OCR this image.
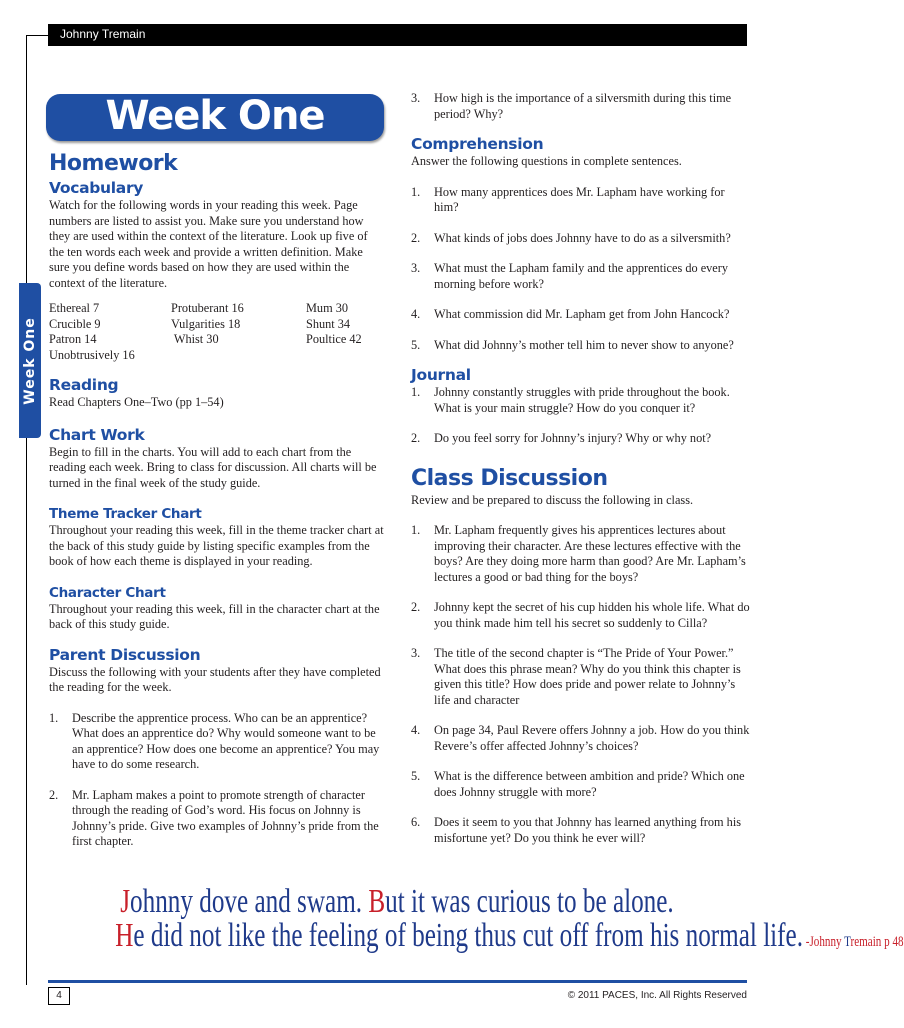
Johnny Tremain
Week One
Week One
Homework
Vocabulary

Watch for the following words in your reading this week. Page numbers are listed to assist you. Make sure you understand how they are used within the context of the literature. Look up five of the ten words each week and provide a written definition. Make sure you define words based on how they are used within the context of the literature.

Ethereal 7
Crucible 9
Patron 14
Unobtrusively 16
Protuberant 16
Vulgarities 18
Whist 30
Mum 30
Shunt 34
Poultice 42
Reading

Read Chapters One–Two (pp 1–54)

Chart Work

Begin to fill in the charts. You will add to each chart from the reading each week. Bring to class for discussion. All charts will be turned in the final week of the study guide.

Theme Tracker Chart

Throughout your reading this week, fill in the theme tracker chart at the back of this study guide by listing specific examples from the book of how each theme is displayed in your reading.

Character Chart

Throughout your reading this week, fill in the character chart at the back of this study guide.

Parent Discussion

Discuss the following with your students after they have completed the reading for the week.

1. Describe the apprentice process. Who can be an apprentice? What does an apprentice do? Why would someone want to be an apprentice? How does one become an apprentice? You may have to do some research.
2. Mr. Lapham makes a point to promote strength of character through the reading of God’s word. His focus on Johnny is Johnny’s pride. Give two examples of Johnny’s pride from the first chapter.
3. How high is the importance of a silversmith during this time period? Why?
Comprehension

Answer the following questions in complete sentences.

1. How many apprentices does Mr. Lapham have working for him?
2. What kinds of jobs does Johnny have to do as a silversmith?
3. What must the Lapham family and the apprentices do every morning before work?
4. What commission did Mr. Lapham get from John Hancock?
5. What did Johnny’s mother tell him to never show to anyone?
Journal
1. Johnny constantly struggles with pride throughout the book. What is your main struggle? How do you conquer it?
2. Do you feel sorry for Johnny’s injury? Why or why not?
Class Discussion

Review and be prepared to discuss the following in class.

1. Mr. Lapham frequently gives his apprentices lectures about improving their character. Are these lectures effective with the boys? Are they doing more harm than good? Are Mr. Lapham’s lectures a good or bad thing for the boys?
2. Johnny kept the secret of his cup hidden his whole life. What do you think made him tell his secret so suddenly to Cilla?
3. The title of the second chapter is “The Pride of Your Power.” What does this phrase mean? Why do you think this chapter is given this title? How does pride and power relate to Johnny’s life and character
4. On page 34, Paul Revere offers Johnny a job. How do you think Revere’s offer affected Johnny’s choices?
5. What is the difference between ambition and pride? Which one does Johnny struggle with more?
6. Does it seem to you that Johnny has learned anything from his misfortune yet? Do you think he ever will?
Johnny dove and swam. But it was curious to be alone.
He did not like the feeling of being thus cut off from his normal life. -Johnny Tremain p 48
4	© 2011 PACES, Inc. All Rights Reserved
